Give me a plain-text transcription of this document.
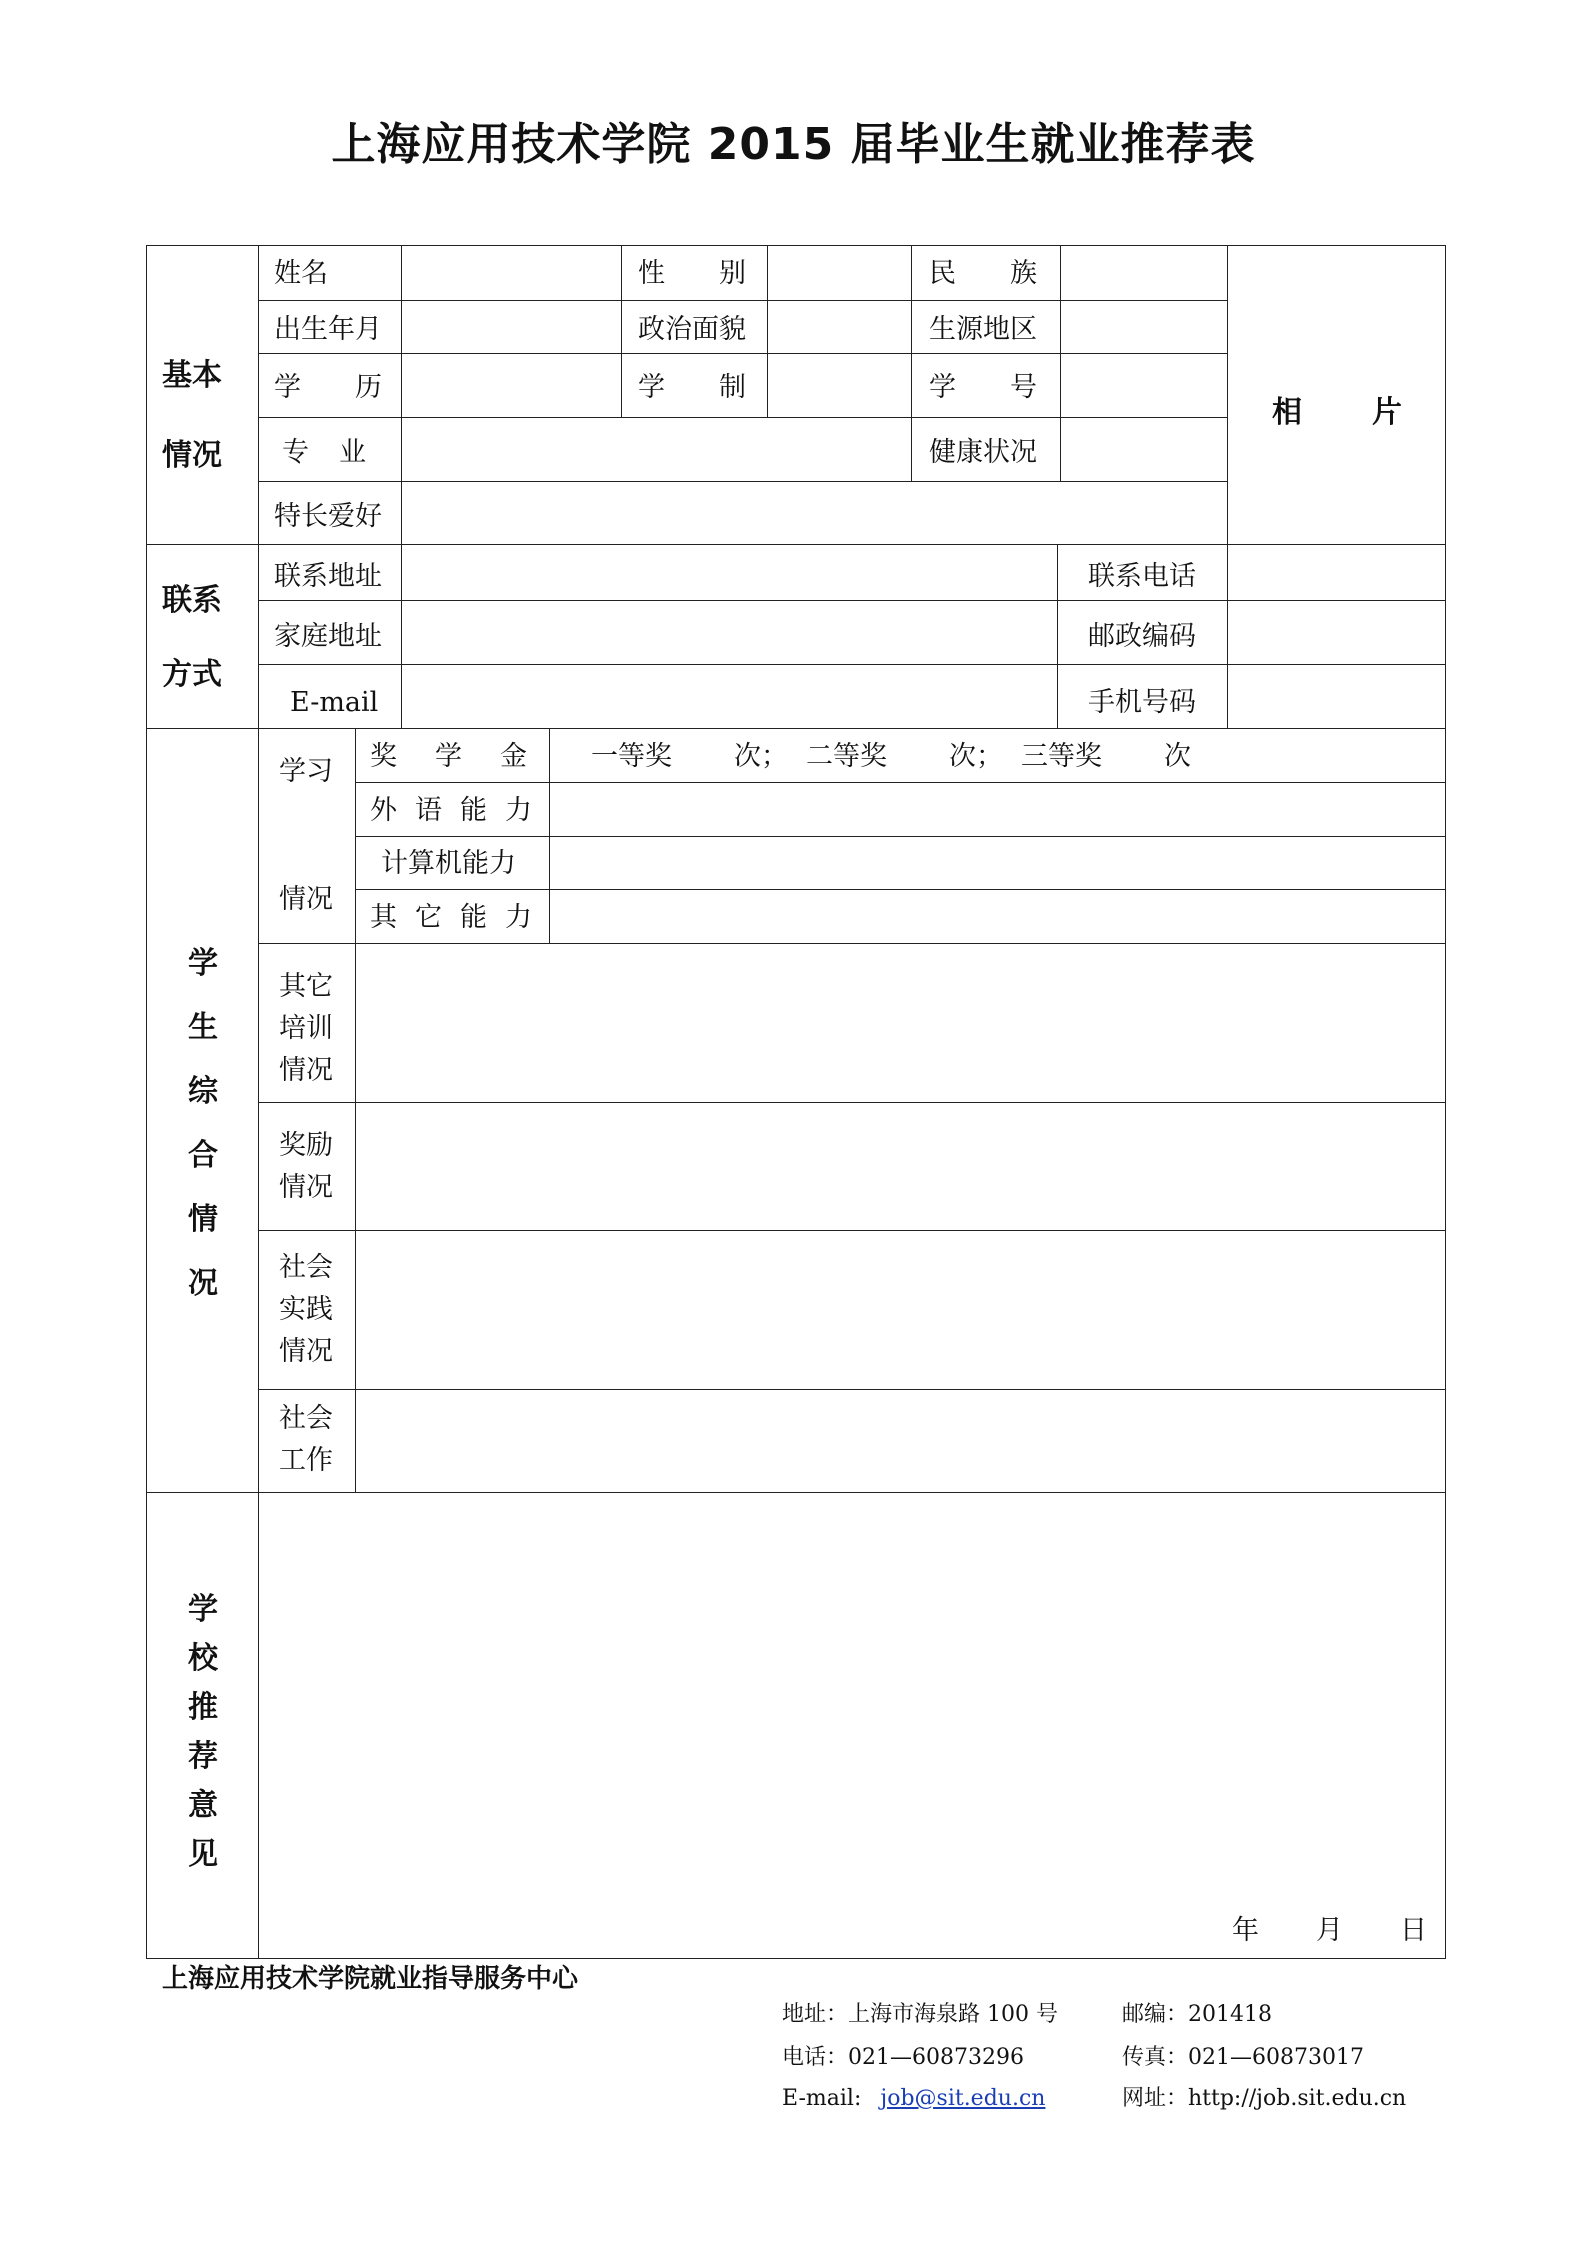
上海应用技术学院 2015 届毕业生就业推荐表
基本
情况
姓名	性别	民族
出生年月	政治面貌	生源地区
学历	学制	学号
专业	健康状况
特长爱好
相片
联系
方式
联系地址	联系电话
家庭地址	邮政编码
E-mail	手机号码
学
生
综
合
情
况
学习
情况
奖学金 一等奖 次； 二等奖 次； 三等奖 次
外语能力
计算机能力
其它能力
其它
培训
情况
奖励
情况
社会
实践
情况
社会
工作
学
校
推
荐
意
见
年 月 日
上海应用技术学院就业指导服务中心
地址：上海市海泉路 100 号	邮编：201418
电话：021—60873296	传真：021—60873017
E-mail: job@sit.edu.cn	网址：http://job.sit.edu.cn
